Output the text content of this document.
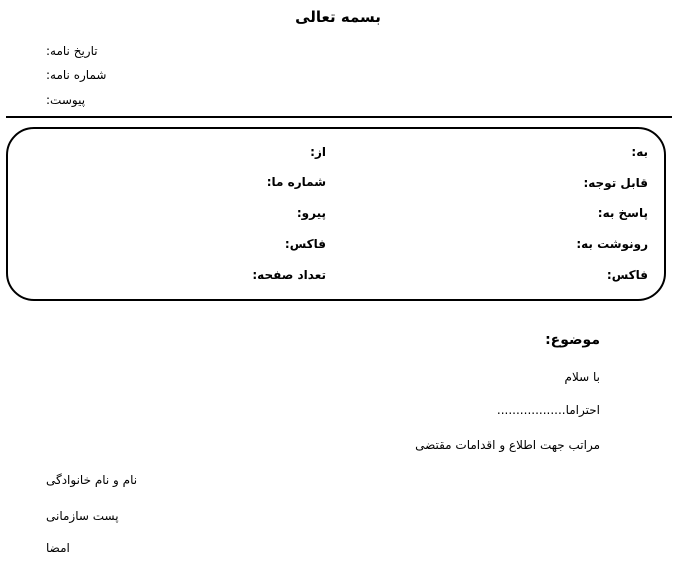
بسمه تعالی
تاریخ نامه:
شماره نامه:
پیوست:
به:
از:
قابل توجه:
شماره ما:
پاسخ به:
پیرو:
رونوشت به:
فاکس:
فاکس:
تعداد صفحه:
موضوع:
با سلام
احتراما..................
مراتب جهت اطلاع و اقدامات مقتضی
نام و نام خانوادگی
پست سازمانی
امضا
